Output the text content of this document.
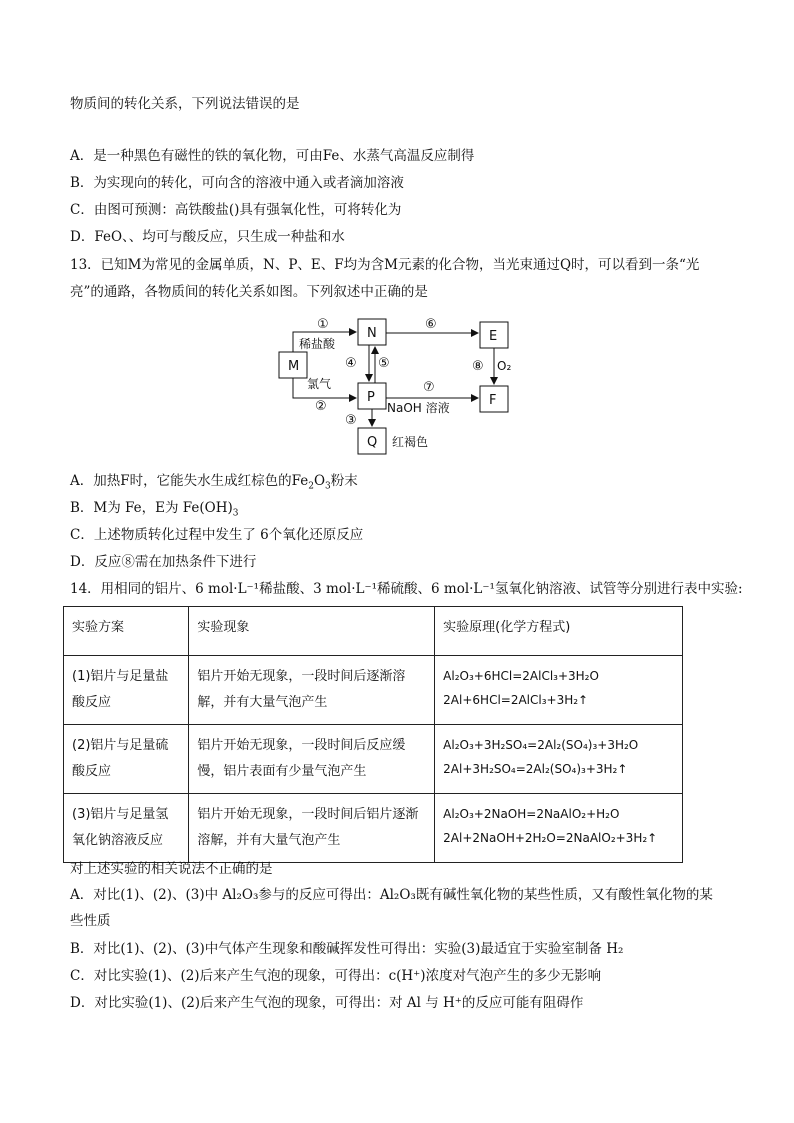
物质间的转化关系，下列说法错误的是
A．是一种黑色有磁性的铁的氧化物，可由Fe、水蒸气高温反应制得
B．为实现向的转化，可向含的溶液中通入或者滴加溶液
C．由图可预测：高铁酸盐()具有强氧化性，可将转化为
D．FeO、、均可与酸反应，只生成一种盐和水
13．已知M为常见的金属单质，N、P、E、F均为含M元素的化合物，当光束通过Q时，可以看到一条“光
亮”的通路，各物质间的转化关系如图。下列叙述中正确的是
M
N
P
E
F
Q
①
稀盐酸
氯气
②
④ ⑤
③
⑥
⑦
NaOH 溶液
⑧ O₂
红褐色
A．加热F时，它能失水生成红棕色的$Fe_2O_3$粉末
B．M为 Fe，E为 $Fe(OH)_3$
C．上述物质转化过程中发生了 6个氧化还原反应
D．反应⑧需在加热条件下进行
14．用相同的铝片、6 mol·L⁻¹稀盐酸、3 mol·L⁻¹稀硫酸、6 mol·L⁻¹氢氧化钠溶液、试管等分别进行表中实验:
实验方案	实验现象	实验原理(化学方程式)
(1)铝片与足量盐酸反应	铝片开始无现象，一段时间后逐渐溶解，并有大量气泡产生	Al₂O₃+6HCl=2AlCl₃+3H₂O
2Al+6HCl=2AlCl₃+3H₂↑

(2)铝片与足量硫酸反应	铝片开始无现象，一段时间后反应缓慢，铝片表面有少量气泡产生	Al₂O₃+3H₂SO₄=2Al₂(SO₄)₃+3H₂O
2Al+3H₂SO₄=2Al₂(SO₄)₃+3H₂↑

(3)铝片与足量氢氧化钠溶液反应	铝片开始无现象，一段时间后铝片逐渐溶解，并有大量气泡产生	Al₂O₃+2NaOH=2NaAlO₂+H₂O
2Al+2NaOH+2H₂O=2NaAlO₂+3H₂↑
对上述实验的相关说法不正确的是
A．对比(1)、(2)、(3)中 Al₂O₃参与的反应可得出：Al₂O₃既有碱性氧化物的某些性质，又有酸性氧化物的某
些性质
B．对比(1)、(2)、(3)中气体产生现象和酸碱挥发性可得出：实验(3)最适宜于实验室制备 H₂
C．对比实验(1)、(2)后来产生气泡的现象，可得出：c(H⁺)浓度对气泡产生的多少无影响
D．对比实验(1)、(2)后来产生气泡的现象，可得出：对 Al 与 H⁺的反应可能有阻碍作
